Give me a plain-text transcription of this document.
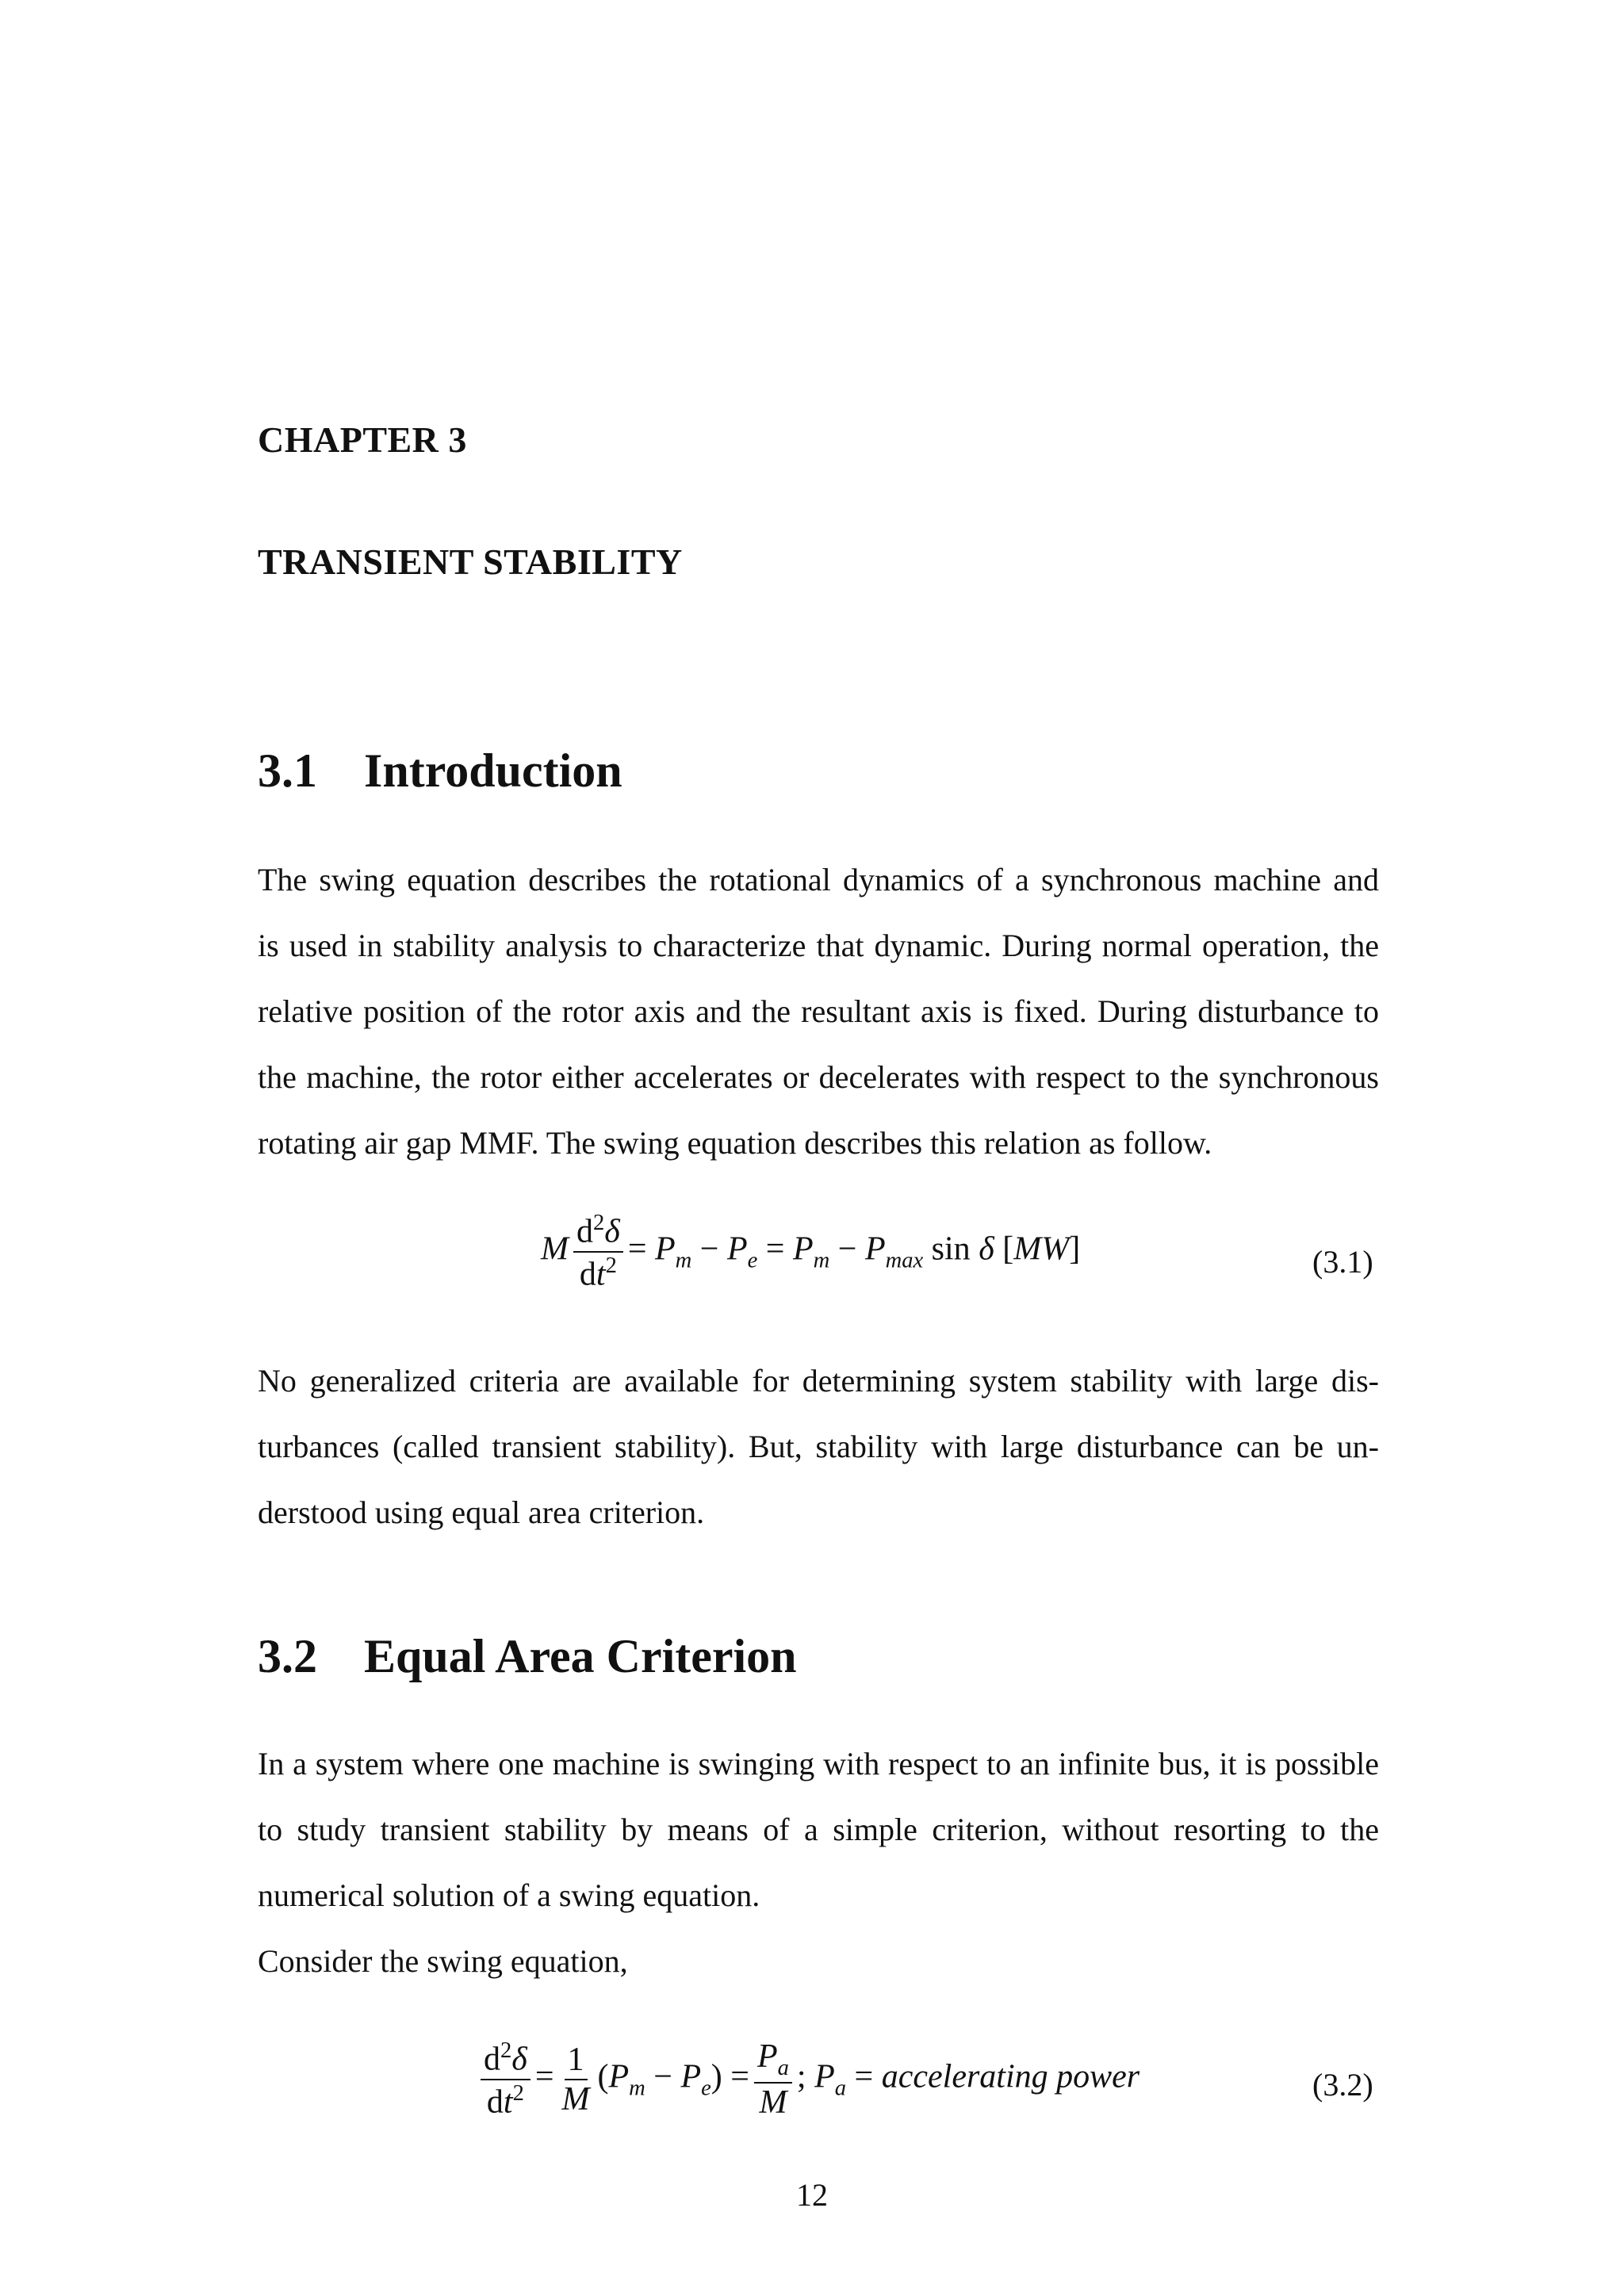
CHAPTER 3
TRANSIENT STABILITY
3.1 Introduction
The swing equation describes the rotational dynamics of a synchronous machine and
is used in stability analysis to characterize that dynamic. During normal operation, the
relative position of the rotor axis and the resultant axis is fixed. During disturbance to
the machine, the rotor either accelerates or decelerates with respect to the synchronous
rotating air gap MMF. The swing equation describes this relation as follow.
M $\frac{d^2\delta}{dt^2} = P_m - P_e = P_m - P_{max}$ sin δ [MW]	(3.1)
No generalized criteria are available for determining system stability with large dis-
turbances (called transient stability). But, stability with large disturbance can be un-
derstood using equal area criterion.
3.2 Equal Area Criterion
In a system where one machine is swinging with respect to an infinite bus, it is possible
to study transient stability by means of a simple criterion, without resorting to the
numerical solution of a swing equation.
Consider the swing equation,
$\frac{d^2\delta}{dt^2} = \frac{1}{M} (P_m - P_e) = \frac{P_a}{M}$ ; $P_a$ = accelerating power	(3.2)
12
